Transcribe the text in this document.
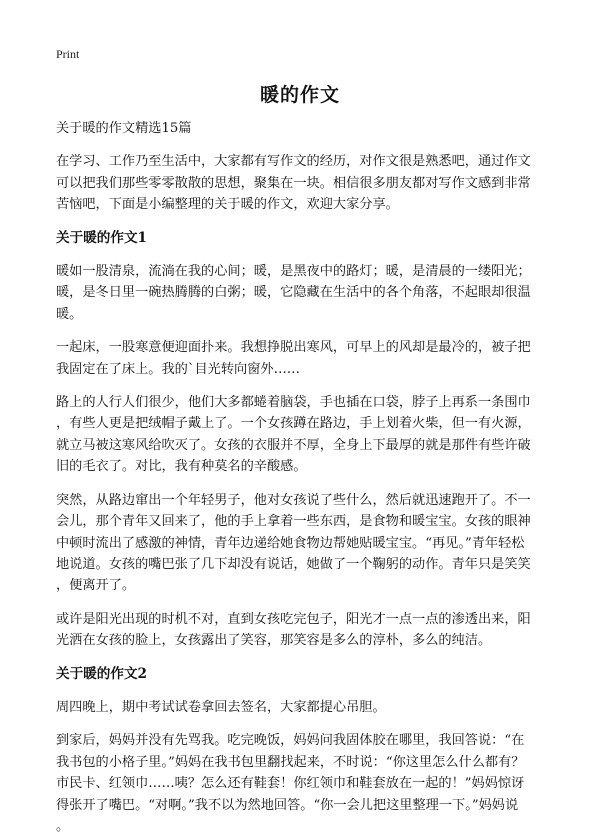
Print
暖的作文
关于暖的作文精选15篇
在学习、工作乃至生活中，大家都有写作文的经历，对作文很是熟悉吧，通过作文
可以把我们那些零零散散的思想，聚集在一块。相信很多朋友都对写作文感到非常
苦恼吧，下面是小编整理的关于暖的作文，欢迎大家分享。
关于暖的作文1
暖如一股清泉，流淌在我的心间；暖，是黑夜中的路灯；暖，是清晨的一缕阳光；
暖，是冬日里一碗热腾腾的白粥；暖，它隐藏在生活中的各个角落，不起眼却很温
暖。
一起床，一股寒意便迎面扑来。我想挣脱出寒风，可早上的风却是最冷的，被子把
我固定在了床上。我的`目光转向窗外……
路上的人行人们很少，他们大多都蜷着脑袋，手也插在口袋，脖子上再系一条围巾
，有些人更是把绒帽子戴上了。一个女孩蹲在路边，手上划着火柴，但一有火源，
就立马被这寒风给吹灭了。女孩的衣服并不厚，全身上下最厚的就是那件有些许破
旧的毛衣了。对比，我有种莫名的辛酸感。
突然，从路边窜出一个年轻男子，他对女孩说了些什么，然后就迅速跑开了。不一
会儿，那个青年又回来了，他的手上拿着一些东西，是食物和暖宝宝。女孩的眼神
中顿时流出了感激的神情，青年边递给她食物边帮她贴暖宝宝。“再见。”青年轻松
地说道。女孩的嘴巴张了几下却没有说话，她做了一个鞠躬的动作。青年只是笑笑
，便离开了。
或许是阳光出现的时机不对，直到女孩吃完包子，阳光才一点一点的渗透出来，阳
光洒在女孩的脸上，女孩露出了笑容，那笑容是多么的淳朴，多么的纯洁。
关于暖的作文2
周四晚上，期中考试试卷拿回去签名，大家都提心吊胆。
到家后，妈妈并没有先骂我。吃完晚饭，妈妈问我固体胶在哪里，我回答说：“在
我书包的小格子里。”妈妈在我书包里翻找起来，不时说：“你这里怎么什么都有？
市民卡、红领巾……咦？怎么还有鞋套！你红领巾和鞋套放在一起的！”妈妈惊讶
得张开了嘴巴。“对啊。”我不以为然地回答。“你一会儿把这里整理一下。”妈妈说
。
